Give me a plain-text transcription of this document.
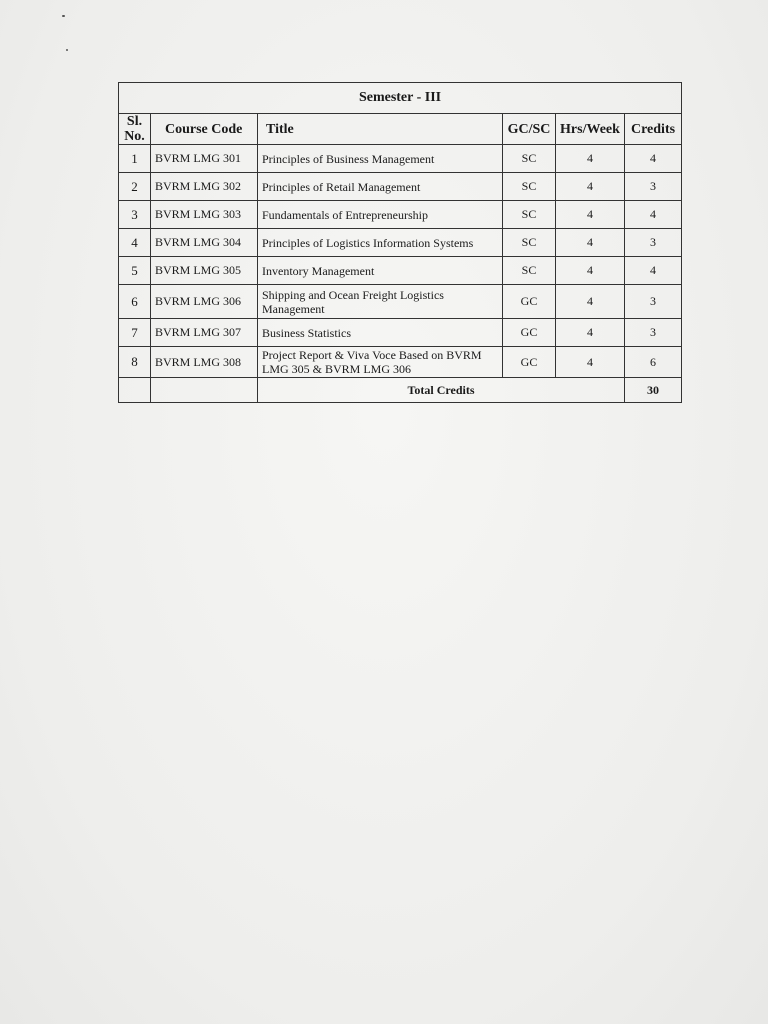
Semester - III					
Sl. No.	Course Code	Title	GC/SC	Hrs/Week	Credits
1	BVRM LMG 301	Principles of Business Management	SC	4	4
2	BVRM LMG 302	Principles of Retail Management	SC	4	3
3	BVRM LMG 303	Fundamentals of Entrepreneurship	SC	4	4
4	BVRM LMG 304	Principles of Logistics Information Systems	SC	4	3
5	BVRM LMG 305	Inventory Management	SC	4	4
6	BVRM LMG 306	Shipping and Ocean Freight Logistics Management	GC	4	3
7	BVRM LMG 307	Business Statistics	GC	4	3
8	BVRM LMG 308	Project Report & Viva Voce Based on BVRM LMG 305 & BVRM LMG 306	GC	4	6
		Total Credits			30
